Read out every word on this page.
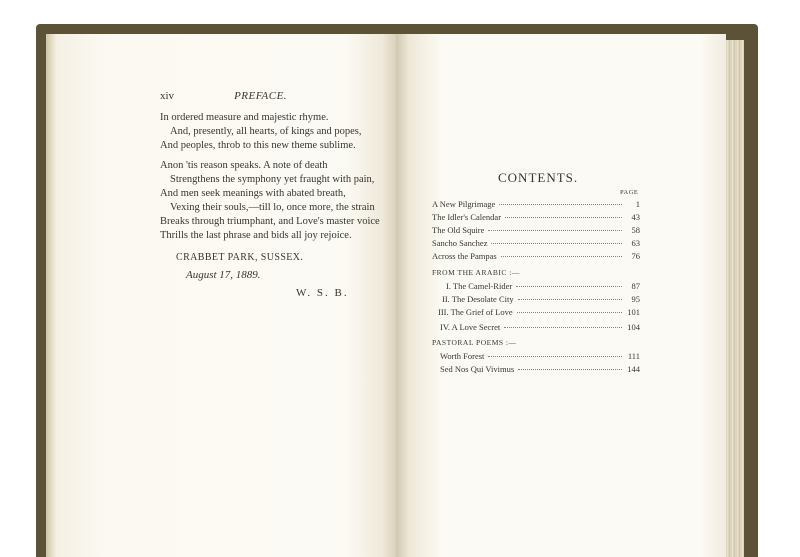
xiv	PREFACE.
In ordered measure and majestic rhyme.
And, presently, all hearts, of kings and popes,
And peoples, throb to this new theme sublime.
Anon 'tis reason speaks. A note of death
Strengthens the symphony yet fraught with pain,
And men seek meanings with abated breath,
Vexing their souls,—till lo, once more, the strain
Breaks through triumphant, and Love's master voice
Thrills the last phrase and bids all joy rejoice.
CRABBET PARK, SUSSEX.
August 17, 1889.
W. S. B.
CONTENTS.
PAGE
A New Pilgrimage	1
The Idler's Calendar	43
The Old Squire	58
Sancho Sanchez	63
Across the Pampas	76
FROM THE ARABIC :—
I. The Camel-Rider	87
II. The Desolate City	95
III. The Grief of Love	101
IV. A Love Secret	104
PASTORAL POEMS :—
Worth Forest	111
Sed Nos Qui Vivimus	144
